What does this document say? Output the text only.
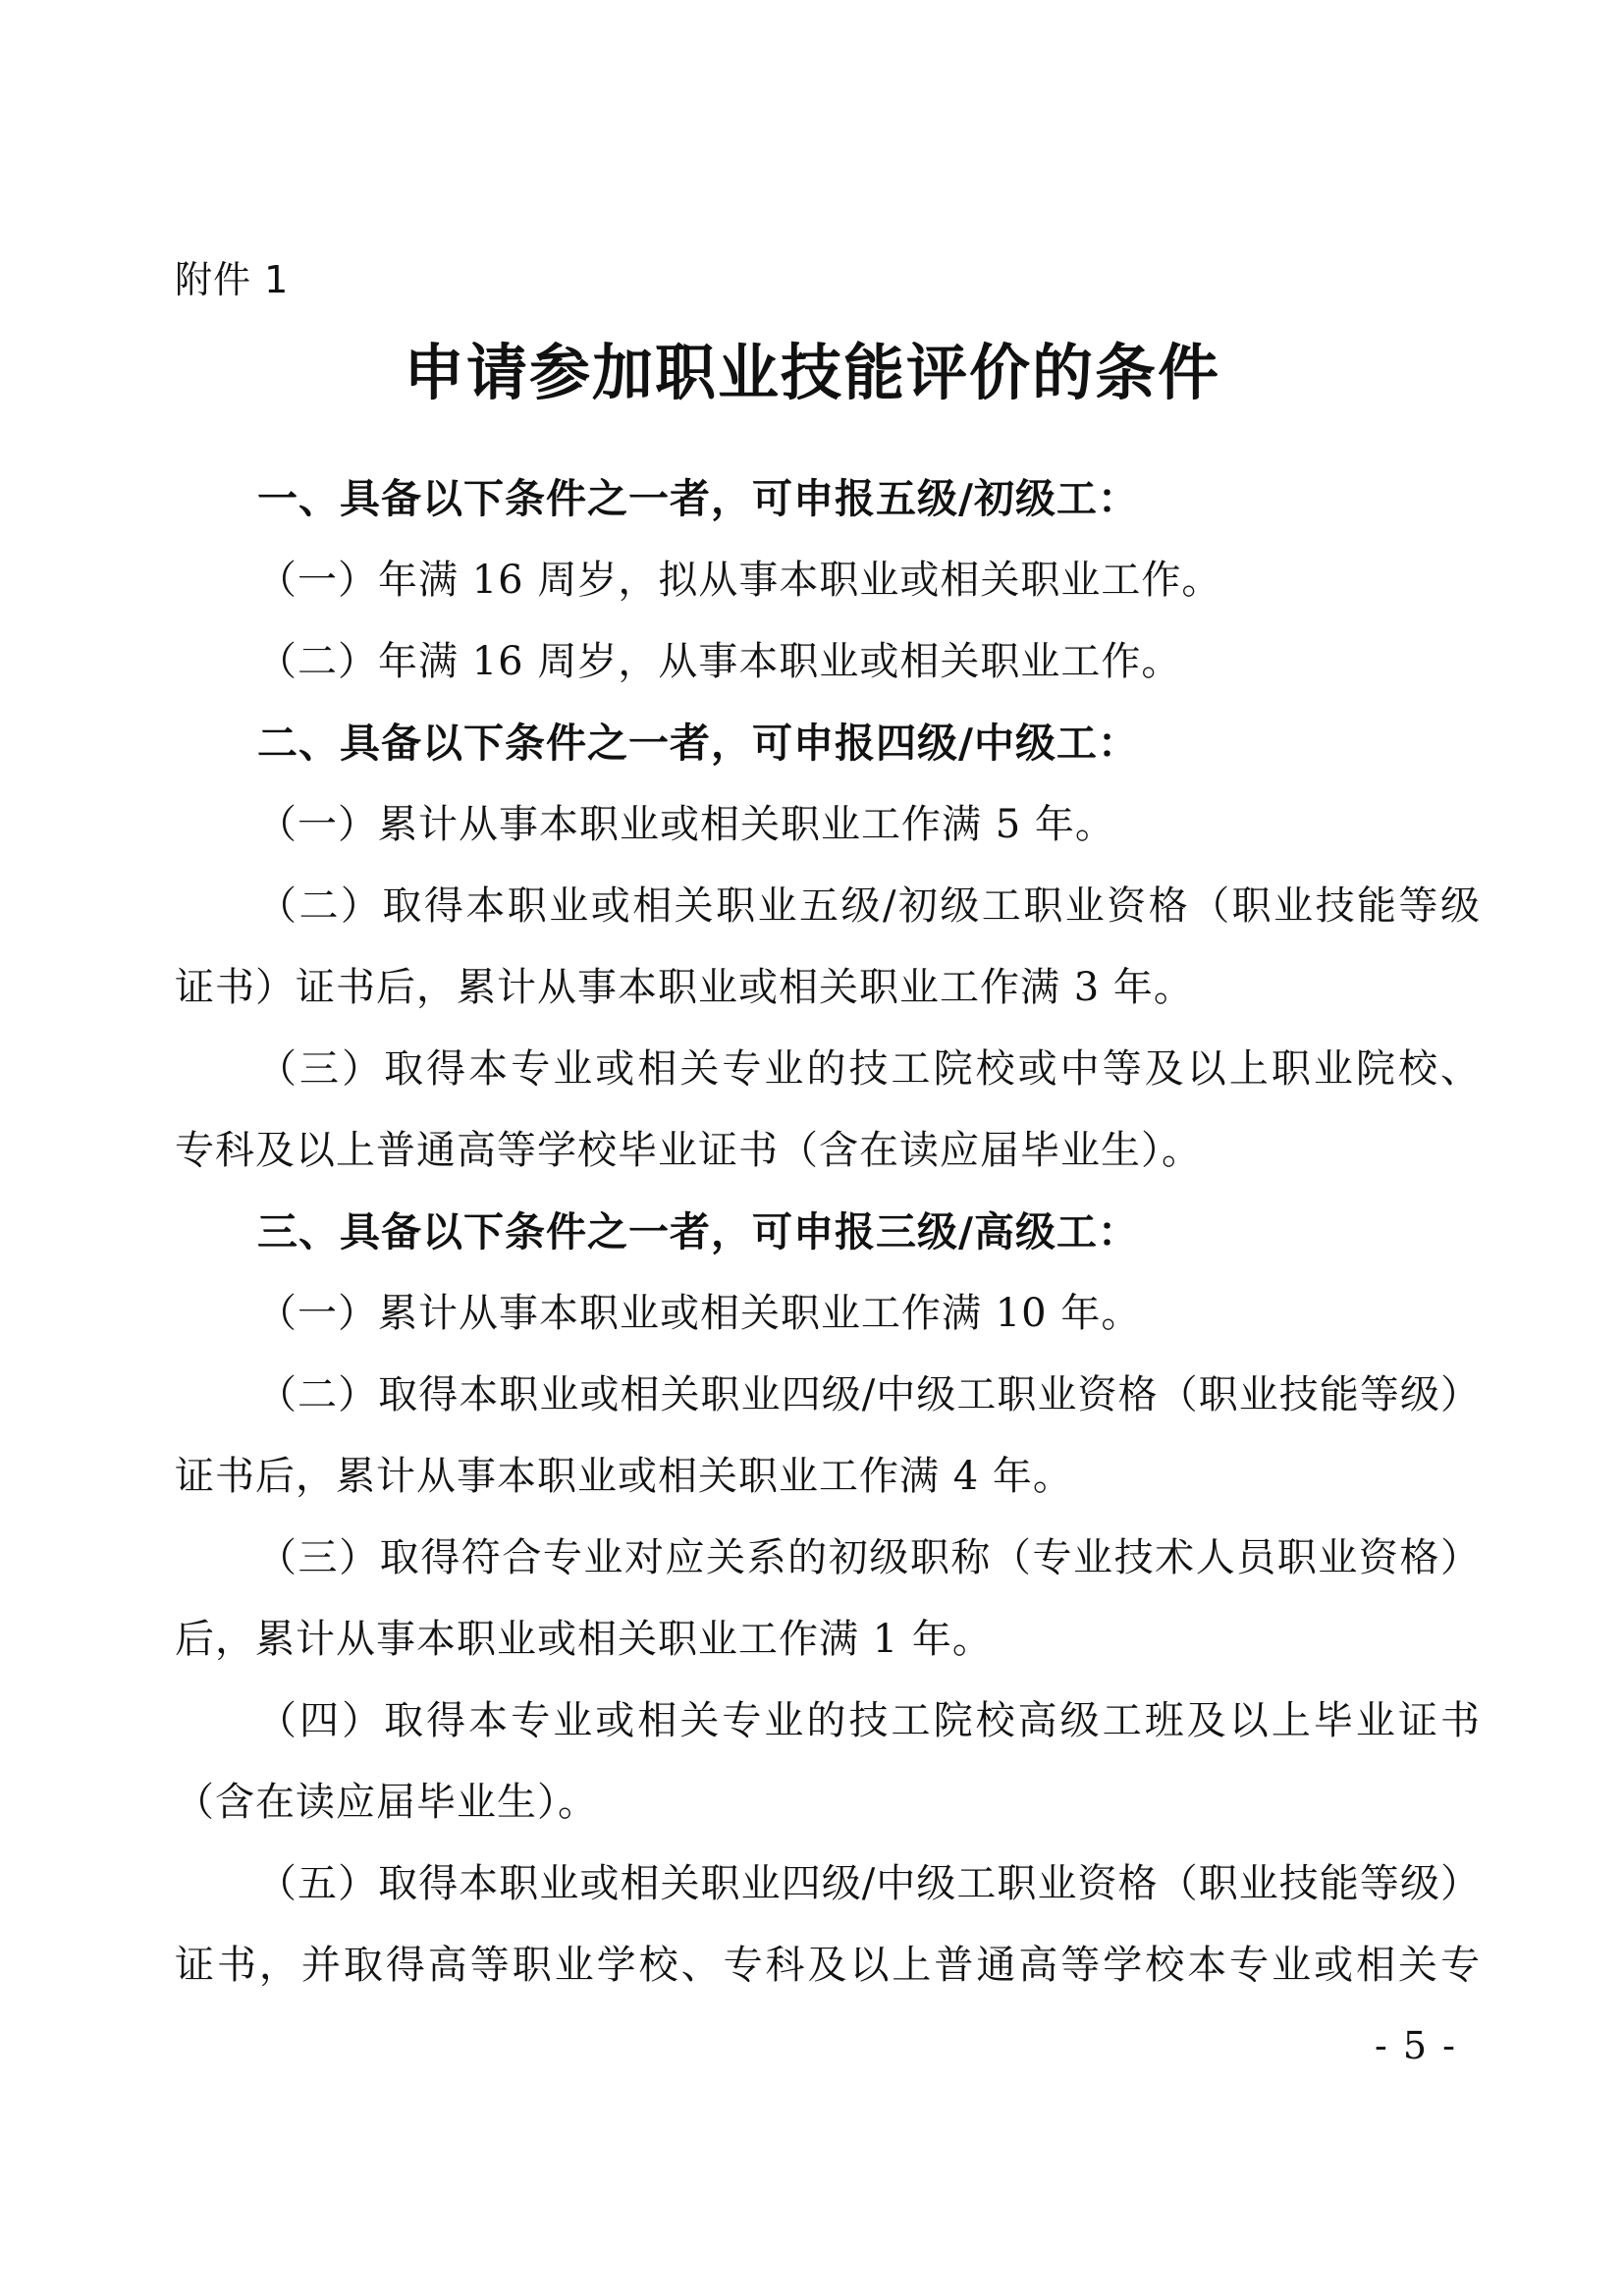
附件 1
申请参加职业技能评价的条件
一、具备以下条件之一者，可申报五级/初级工：
（一）年满 16 周岁，拟从事本职业或相关职业工作。
（二）年满 16 周岁，从事本职业或相关职业工作。
二、具备以下条件之一者，可申报四级/中级工：
（一）累计从事本职业或相关职业工作满 5 年。
（二）取得本职业或相关职业五级/初级工职业资格（职业技能等级
证书）证书后，累计从事本职业或相关职业工作满 3 年。
（三）取得本专业或相关专业的技工院校或中等及以上职业院校、
专科及以上普通高等学校毕业证书（含在读应届毕业生）。
三、具备以下条件之一者，可申报三级/高级工：
（一）累计从事本职业或相关职业工作满 10 年。
（二）取得本职业或相关职业四级/中级工职业资格（职业技能等级）
证书后，累计从事本职业或相关职业工作满 4 年。
（三）取得符合专业对应关系的初级职称（专业技术人员职业资格）
后，累计从事本职业或相关职业工作满 1 年。
（四）取得本专业或相关专业的技工院校高级工班及以上毕业证书
（含在读应届毕业生）。
（五）取得本职业或相关职业四级/中级工职业资格（职业技能等级）
证书，并取得高等职业学校、专科及以上普通高等学校本专业或相关专
- 5 -
